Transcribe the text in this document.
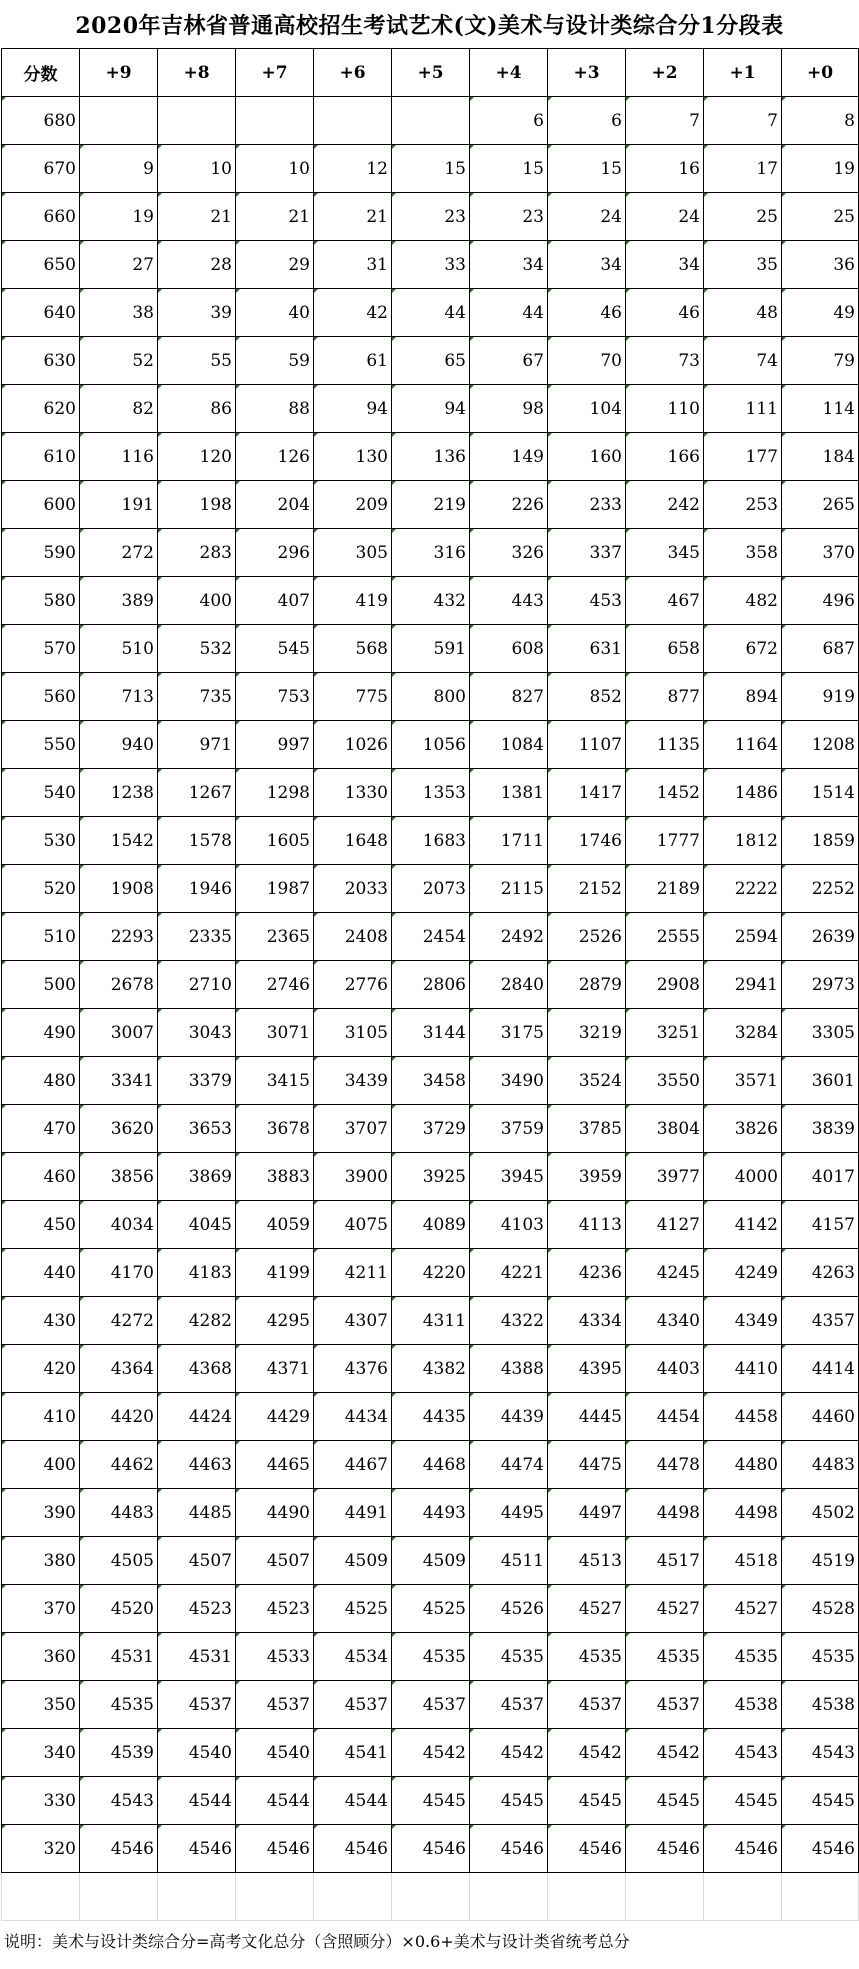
2020年吉林省普通高校招生考试艺术(文)美术与设计类综合分1分段表
分数	+9	+8	+7	+6	+5	+4	+3	+2	+1	+0
680						6	6	7	7	8
670	9	10	10	12	15	15	15	16	17	19
660	19	21	21	21	23	23	24	24	25	25
650	27	28	29	31	33	34	34	34	35	36
640	38	39	40	42	44	44	46	46	48	49
630	52	55	59	61	65	67	70	73	74	79
620	82	86	88	94	94	98	104	110	111	114
610	116	120	126	130	136	149	160	166	177	184
600	191	198	204	209	219	226	233	242	253	265
590	272	283	296	305	316	326	337	345	358	370
580	389	400	407	419	432	443	453	467	482	496
570	510	532	545	568	591	608	631	658	672	687
560	713	735	753	775	800	827	852	877	894	919
550	940	971	997	1026	1056	1084	1107	1135	1164	1208
540	1238	1267	1298	1330	1353	1381	1417	1452	1486	1514
530	1542	1578	1605	1648	1683	1711	1746	1777	1812	1859
520	1908	1946	1987	2033	2073	2115	2152	2189	2222	2252
510	2293	2335	2365	2408	2454	2492	2526	2555	2594	2639
500	2678	2710	2746	2776	2806	2840	2879	2908	2941	2973
490	3007	3043	3071	3105	3144	3175	3219	3251	3284	3305
480	3341	3379	3415	3439	3458	3490	3524	3550	3571	3601
470	3620	3653	3678	3707	3729	3759	3785	3804	3826	3839
460	3856	3869	3883	3900	3925	3945	3959	3977	4000	4017
450	4034	4045	4059	4075	4089	4103	4113	4127	4142	4157
440	4170	4183	4199	4211	4220	4221	4236	4245	4249	4263
430	4272	4282	4295	4307	4311	4322	4334	4340	4349	4357
420	4364	4368	4371	4376	4382	4388	4395	4403	4410	4414
410	4420	4424	4429	4434	4435	4439	4445	4454	4458	4460
400	4462	4463	4465	4467	4468	4474	4475	4478	4480	4483
390	4483	4485	4490	4491	4493	4495	4497	4498	4498	4502
380	4505	4507	4507	4509	4509	4511	4513	4517	4518	4519
370	4520	4523	4523	4525	4525	4526	4527	4527	4527	4528
360	4531	4531	4533	4534	4535	4535	4535	4535	4535	4535
350	4535	4537	4537	4537	4537	4537	4537	4537	4538	4538
340	4539	4540	4540	4541	4542	4542	4542	4542	4543	4543
330	4543	4544	4544	4544	4545	4545	4545	4545	4545	4545
320	4546	4546	4546	4546	4546	4546	4546	4546	4546	4546

说明：美术与设计类综合分=高考文化总分（含照顾分）×0.6+美术与设计类省统考总分
